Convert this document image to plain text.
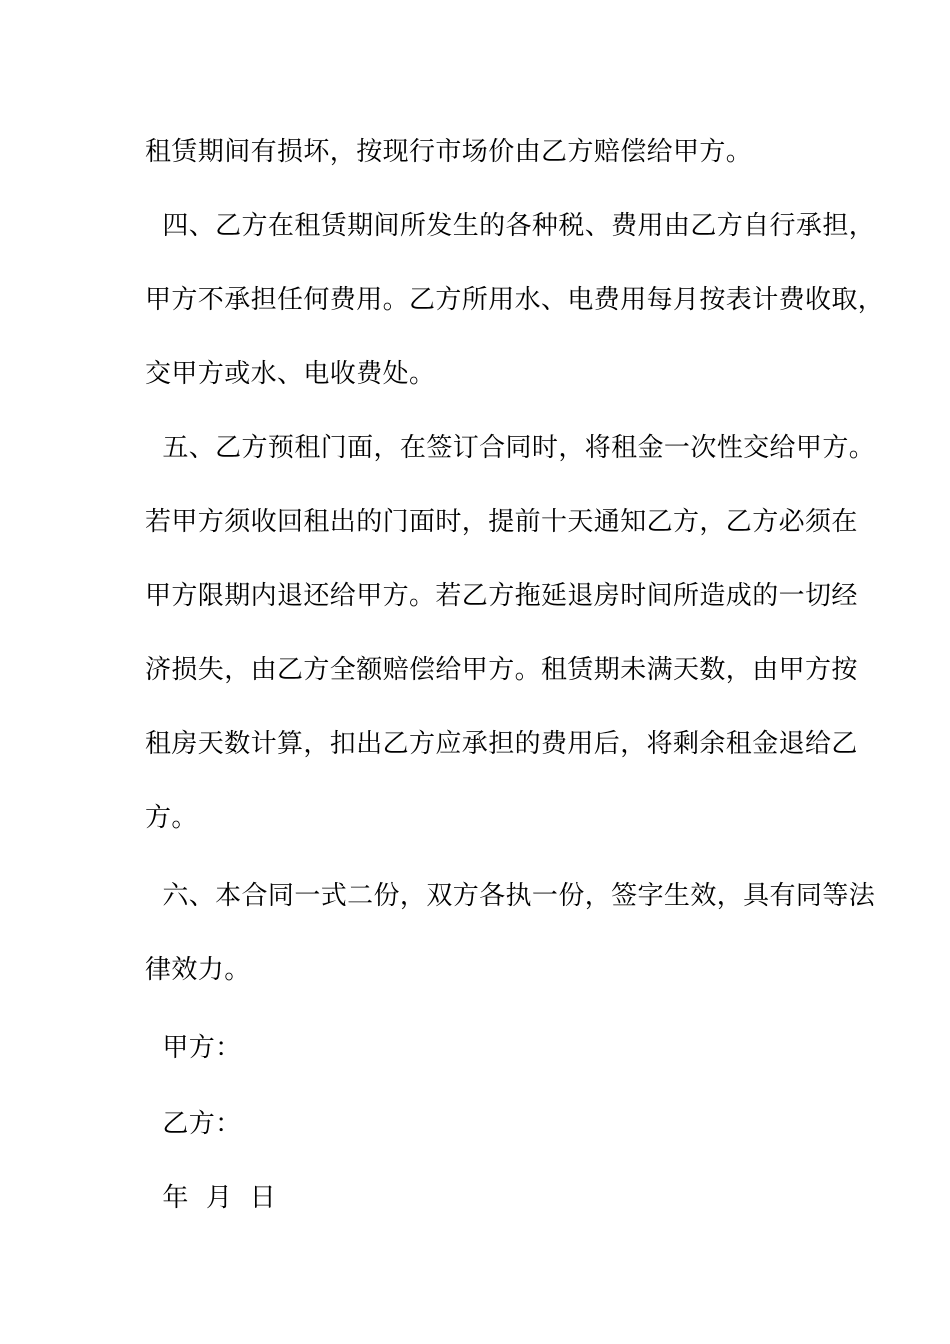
租赁期间有损坏，按现行市场价由乙方赔偿给甲方。
四、乙方在租赁期间所发生的各种税、费用由乙方自行承担，
甲方不承担任何费用。乙方所用水、电费用每月按表计费收取，
交甲方或水、电收费处。
五、乙方预租门面，在签订合同时，将租金一次性交给甲方。
若甲方须收回租出的门面时，提前十天通知乙方，乙方必须在
甲方限期内退还给甲方。若乙方拖延退房时间所造成的一切经
济损失，由乙方全额赔偿给甲方。租赁期未满天数，由甲方按
租房天数计算，扣出乙方应承担的费用后，将剩余租金退给乙
方。
六、本合同一式二份，双方各执一份，签字生效，具有同等法
律效力。
甲方：
乙方：
年  月  日
